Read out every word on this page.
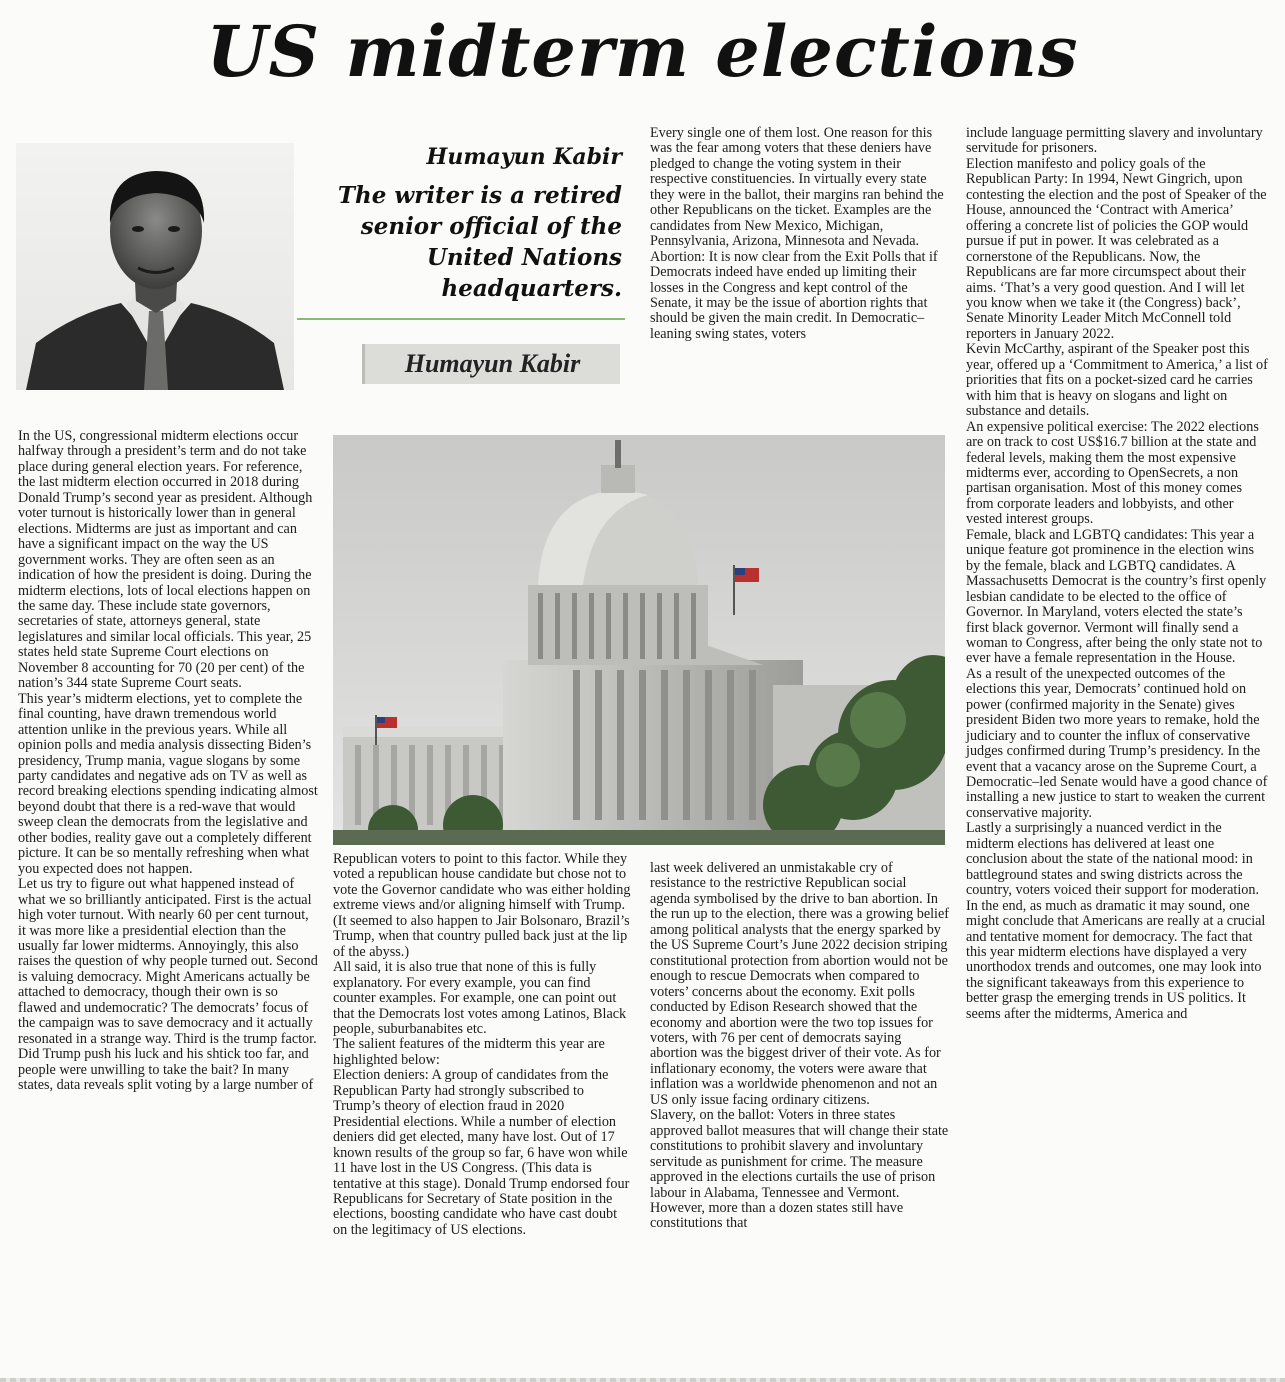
US midterm elections

Humayun Kabir

The writer is a retired senior official of the United Nations headquarters.

Humayun Kabir

In the US, congressional midterm elections occur halfway through a president’s term and do not take place during general election years. For reference, the last midterm election occurred in 2018 during Donald Trump’s second year as president. Although voter turnout is historically lower than in general elections. Midterms are just as important and can have a significant impact on the way the US government works. They are often seen as an indication of how the president is doing. During the midterm elections, lots of local elections happen on the same day. These include state governors, secretaries of state, attorneys general, state legislatures and similar local officials. This year, 25 states held state Supreme Court elections on November 8 accounting for 70 (20 per cent) of the nation’s 344 state Supreme Court seats.

This year’s midterm elections, yet to complete the final counting, have drawn tremendous world attention unlike in the previous years. While all opinion polls and media analysis dissecting Biden’s presidency, Trump mania, vague slogans by some party candidates and negative ads on TV as well as record breaking elections spending indicating almost beyond doubt that there is a red-wave that would sweep clean the democrats from the legislative and other bodies, reality gave out a completely different picture. It can be so mentally refreshing when what you expected does not happen.

Let us try to figure out what happened instead of what we so brilliantly anticipated. First is the actual high voter turnout. With nearly 60 per cent turnout, it was more like a presidential election than the usually far lower midterms. Annoyingly, this also raises the question of why people turned out. Second is valuing democracy. Might Americans actually be attached to democracy, though their own is so flawed and undemocratic? The democrats’ focus of the campaign was to save democracy and it actually resonated in a strange way. Third is the trump factor. Did Trump push his luck and his shtick too far, and people were unwilling to take the bait? In many states, data reveals split voting by a large number of

Republican voters to point to this factor. While they voted a republican house candidate but chose not to vote the Governor candidate who was either holding extreme views and/or aligning himself with Trump. (It seemed to also happen to Jair Bolsonaro, Brazil’s Trump, when that country pulled back just at the lip of the abyss.)

All said, it is also true that none of this is fully explanatory. For every example, you can find counter examples. For example, one can point out that the Democrats lost votes among Latinos, Black people, suburbanabites etc.

The salient features of the midterm this year are highlighted below:

Election deniers: A group of candidates from the Republican Party had strongly subscribed to Trump’s theory of election fraud in 2020 Presidential elections. While a number of election deniers did get elected, many have lost. Out of 17 known results of the group so far, 6 have won while 11 have lost in the US Congress. (This data is tentative at this stage). Donald Trump endorsed four Republicans for Secretary of State position in the elections, boosting candidate who have cast doubt on the legitimacy of US elections.

Every single one of them lost. One reason for this was the fear among voters that these deniers have pledged to change the voting system in their respective constituencies. In virtually every state they were in the ballot, their margins ran behind the other Republicans on the ticket. Examples are the candidates from New Mexico, Michigan, Pennsylvania, Arizona, Minnesota and Nevada.

Abortion: It is now clear from the Exit Polls that if Democrats indeed have ended up limiting their losses in the Congress and kept control of the Senate, it may be the issue of abortion rights that should be given the main credit. In Democratic–leaning swing states, voters

last week delivered an unmistakable cry of resistance to the restrictive Republican social agenda symbolised by the drive to ban abortion. In the run up to the election, there was a growing belief among political analysts that the energy sparked by the US Supreme Court’s June 2022 decision striping constitutional protection from abortion would not be enough to rescue Democrats when compared to voters’ concerns about the economy. Exit polls conducted by Edison Research showed that the economy and abortion were the two top issues for voters, with 76 per cent of democrats saying abortion was the biggest driver of their vote. As for inflationary economy, the voters were aware that inflation was a worldwide phenomenon and not an US only issue facing ordinary citizens.

Slavery, on the ballot: Voters in three states approved ballot measures that will change their state constitutions to prohibit slavery and involuntary servitude as punishment for crime. The measure approved in the elections curtails the use of prison labour in Alabama, Tennessee and Vermont. However, more than a dozen states still have constitutions that

include language permitting slavery and involuntary servitude for prisoners.

Election manifesto and policy goals of the Republican Party: In 1994, Newt Gingrich, upon contesting the election and the post of Speaker of the House, announced the ‘Contract with America’ offering a concrete list of policies the GOP would pursue if put in power. It was celebrated as a cornerstone of the Republicans. Now, the Republicans are far more circumspect about their aims. ‘That’s a very good question. And I will let you know when we take it (the Congress) back’, Senate Minority Leader Mitch McConnell told reporters in January 2022.

Kevin McCarthy, aspirant of the Speaker post this year, offered up a ‘Commitment to America,’ a list of priorities that fits on a pocket-sized card he carries with him that is heavy on slogans and light on substance and details.

An expensive political exercise: The 2022 elections are on track to cost US$16.7 billion at the state and federal levels, making them the most expensive midterms ever, according to OpenSecrets, a non partisan organisation. Most of this money comes from corporate leaders and lobbyists, and other vested interest groups.

Female, black and LGBTQ candidates: This year a unique feature got prominence in the election wins by the female, black and LGBTQ candidates. A Massachusetts Democrat is the country’s first openly lesbian candidate to be elected to the office of Governor. In Maryland, voters elected the state’s first black governor. Vermont will finally send a woman to Congress, after being the only state not to ever have a female representation in the House.

As a result of the unexpected outcomes of the elections this year, Democrats’ continued hold on power (confirmed majority in the Senate) gives president Biden two more years to remake, hold the judiciary and to counter the influx of conservative judges confirmed during Trump’s presidency. In the event that a vacancy arose on the Supreme Court, a Democratic–led Senate would have a good chance of installing a new justice to start to weaken the current conservative majority.

Lastly a surprisingly a nuanced verdict in the midterm elections has delivered at least one conclusion about the state of the national mood: in battleground states and swing districts across the country, voters voiced their support for moderation.

In the end, as much as dramatic it may sound, one might conclude that Americans are really at a crucial and tentative moment for democracy. The fact that this year midterm elections have displayed a very unorthodox trends and outcomes, one may look into the significant takeaways from this experience to better grasp the emerging trends in US politics. It seems after the midterms, America and
